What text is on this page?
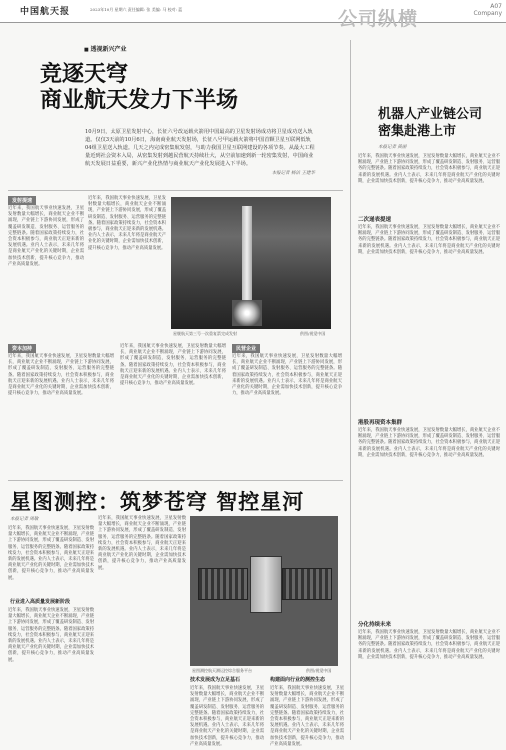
中国航天报	2023年10月 星期六 责任编辑: 张 美编: 马 校对: 蓝	公司纵横
A07
Company
■ 透视新兴产业
竞逐天穹
商业航天发力下半场
10月9日，太原卫星发射中心，长征六号改运载火箭用中国最高的卫星发射场成功将卫星成功送入轨道。仅仅3天前的10月6日，海南商业航天发射场，长征八号甲运载火箭将中国首颗卫星互联网低轨04组卫星送入轨道。几天之内完成密集航发射，与助力我国卫星互联网建设的各项节奏。从最大工程量近到社会资本入局，从密集发射到越民营航天持续壮大，从空前加速到新一轮密集发射，中国商业航天发展日益重要，新兴产业化热情与商业航天产业化发展进入下半场。
本报记者 杨洁 王建华
发射提速
近年来，我国航天事业快速发展，卫星发射数量大幅增长，商业航天企业不断涌现，产业链上下游协同发展，形成了覆盖研发制造、发射服务、运营服务的完整链条。随着国家政策持续发力，社会资本积极参与，商业航天正迎来新的发展机遇。业内人士表示，未来几年将是商业航天产业化的关键时期，企业需加快技术创新，提升核心竞争力，推动产业高质量发展。
近年来，我国航天事业快速发展，卫星发射数量大幅增长，商业航天企业不断涌现，产业链上下游协同发展，形成了覆盖研发制造、发射服务、运营服务的完整链条。随着国家政策持续发力，社会资本积极参与，商业航天正迎来新的发展机遇。业内人士表示，未来几年将是商业航天产业化的关键时期，企业需加快技术创新，提升核心竞争力，推动产业高质量发展。
星舰航天第三号一次重复箭完成发射	供图/视觉中国
资本加持
近年来，我国航天事业快速发展，卫星发射数量大幅增长，商业航天企业不断涌现，产业链上下游协同发展，形成了覆盖研发制造、发射服务、运营服务的完整链条。随着国家政策持续发力，社会资本积极参与，商业航天正迎来新的发展机遇。业内人士表示，未来几年将是商业航天产业化的关键时期，企业需加快技术创新，提升核心竞争力，推动产业高质量发展。
近年来，我国航天事业快速发展，卫星发射数量大幅增长，商业航天企业不断涌现，产业链上下游协同发展，形成了覆盖研发制造、发射服务、运营服务的完整链条。随着国家政策持续发力，社会资本积极参与，商业航天正迎来新的发展机遇。业内人士表示，未来几年将是商业航天产业化的关键时期，企业需加快技术创新，提升核心竞争力，推动产业高质量发展。
民营企业
近年来，我国航天事业快速发展，卫星发射数量大幅增长，商业航天企业不断涌现，产业链上下游协同发展，形成了覆盖研发制造、发射服务、运营服务的完整链条。随着国家政策持续发力，社会资本积极参与，商业航天正迎来新的发展机遇。业内人士表示，未来几年将是商业航天产业化的关键时期，企业需加快技术创新，提升核心竞争力，推动产业高质量发展。
机器人产业链公司
密集赴港上市
本报记者 黄丽
近年来，我国航天事业快速发展，卫星发射数量大幅增长，商业航天企业不断涌现，产业链上下游协同发展，形成了覆盖研发制造、发射服务、运营服务的完整链条。随着国家政策持续发力，社会资本积极参与，商业航天正迎来新的发展机遇。业内人士表示，未来几年将是商业航天产业化的关键时期，企业需加快技术创新，提升核心竞争力，推动产业高质量发展。
二次递表提速
近年来，我国航天事业快速发展，卫星发射数量大幅增长，商业航天企业不断涌现，产业链上下游协同发展，形成了覆盖研发制造、发射服务、运营服务的完整链条。随着国家政策持续发力，社会资本积极参与，商业航天正迎来新的发展机遇。业内人士表示，未来几年将是商业航天产业化的关键时期，企业需加快技术创新，提升核心竞争力，推动产业高质量发展。
港股再现资本集群
近年来，我国航天事业快速发展，卫星发射数量大幅增长，商业航天企业不断涌现，产业链上下游协同发展，形成了覆盖研发制造、发射服务、运营服务的完整链条。随着国家政策持续发力，社会资本积极参与，商业航天正迎来新的发展机遇。业内人士表示，未来几年将是商业航天产业化的关键时期，企业需加快技术创新，提升核心竞争力，推动产业高质量发展。
分化持续未来
近年来，我国航天事业快速发展，卫星发射数量大幅增长，商业航天企业不断涌现，产业链上下游协同发展，形成了覆盖研发制造、发射服务、运营服务的完整链条。随着国家政策持续发力，社会资本积极参与，商业航天正迎来新的发展机遇。业内人士表示，未来几年将是商业航天产业化的关键时期，企业需加快技术创新，提升核心竞争力，推动产业高质量发展。
星图测控：筑梦苍穹 智控星河
本报记者 周敏
近年来，我国航天事业快速发展，卫星发射数量大幅增长，商业航天企业不断涌现，产业链上下游协同发展，形成了覆盖研发制造、发射服务、运营服务的完整链条。随着国家政策持续发力，社会资本积极参与，商业航天正迎来新的发展机遇。业内人士表示，未来几年将是商业航天产业化的关键时期，企业需加快技术创新，提升核心竞争力，推动产业高质量发展。
行业进入高质量发展新阶段
近年来，我国航天事业快速发展，卫星发射数量大幅增长，商业航天企业不断涌现，产业链上下游协同发展，形成了覆盖研发制造、发射服务、运营服务的完整链条。随着国家政策持续发力，社会资本积极参与，商业航天正迎来新的发展机遇。业内人士表示，未来几年将是商业航天产业化的关键时期，企业需加快技术创新，提升核心竞争力，推动产业高质量发展。
近年来，我国航天事业快速发展，卫星发射数量大幅增长，商业航天企业不断涌现，产业链上下游协同发展，形成了覆盖研发制造、发射服务、运营服务的完整链条。随着国家政策持续发力，社会资本积极参与，商业航天正迎来新的发展机遇。业内人士表示，未来几年将是商业航天产业化的关键时期，企业需加快技术创新，提升核心竞争力，推动产业高质量发展。
星图测控航天测运控综合服务平台	供图/视觉中国
技术发展成为立足基石
近年来，我国航天事业快速发展，卫星发射数量大幅增长，商业航天企业不断涌现，产业链上下游协同发展，形成了覆盖研发制造、发射服务、运营服务的完整链条。随着国家政策持续发力，社会资本积极参与，商业航天正迎来新的发展机遇。业内人士表示，未来几年将是商业航天产业化的关键时期，企业需加快技术创新，提升核心竞争力，推动产业高质量发展。
构建面向行业的测控生态
近年来，我国航天事业快速发展，卫星发射数量大幅增长，商业航天企业不断涌现，产业链上下游协同发展，形成了覆盖研发制造、发射服务、运营服务的完整链条。随着国家政策持续发力，社会资本积极参与，商业航天正迎来新的发展机遇。业内人士表示，未来几年将是商业航天产业化的关键时期，企业需加快技术创新，提升核心竞争力，推动产业高质量发展。
